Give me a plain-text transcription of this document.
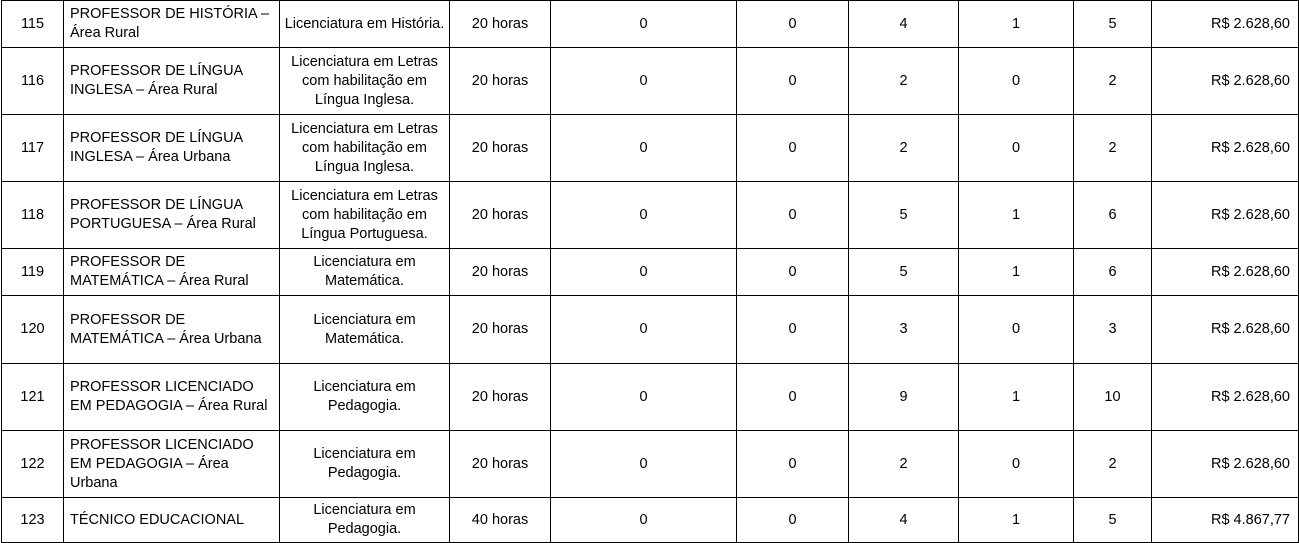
115	PROFESSOR DE HISTÓRIA – Área Rural	Licenciatura em História.	20 horas	0	0	4	1	5	R$ 2.628,60
116	PROFESSOR DE LÍNGUA INGLESA – Área Rural	Licenciatura em Letras com habilitação em Língua Inglesa.	20 horas	0	0	2	0	2	R$ 2.628,60
117	PROFESSOR DE LÍNGUA INGLESA – Área Urbana	Licenciatura em Letras com habilitação em Língua Inglesa.	20 horas	0	0	2	0	2	R$ 2.628,60
118	PROFESSOR DE LÍNGUA PORTUGUESA – Área Rural	Licenciatura em Letras com habilitação em Língua Portuguesa.	20 horas	0	0	5	1	6	R$ 2.628,60
119	PROFESSOR DE MATEMÁTICA – Área Rural	Licenciatura em Matemática.	20 horas	0	0	5	1	6	R$ 2.628,60
120	PROFESSOR DE MATEMÁTICA – Área Urbana	Licenciatura em Matemática.	20 horas	0	0	3	0	3	R$ 2.628,60
121	PROFESSOR LICENCIADO EM PEDAGOGIA – Área Rural	Licenciatura em Pedagogia.	20 horas	0	0	9	1	10	R$ 2.628,60
122	PROFESSOR LICENCIADO EM PEDAGOGIA – Área Urbana	Licenciatura em Pedagogia.	20 horas	0	0	2	0	2	R$ 2.628,60
123	TÉCNICO EDUCACIONAL	Licenciatura em Pedagogia.	40 horas	0	0	4	1	5	R$ 4.867,77
